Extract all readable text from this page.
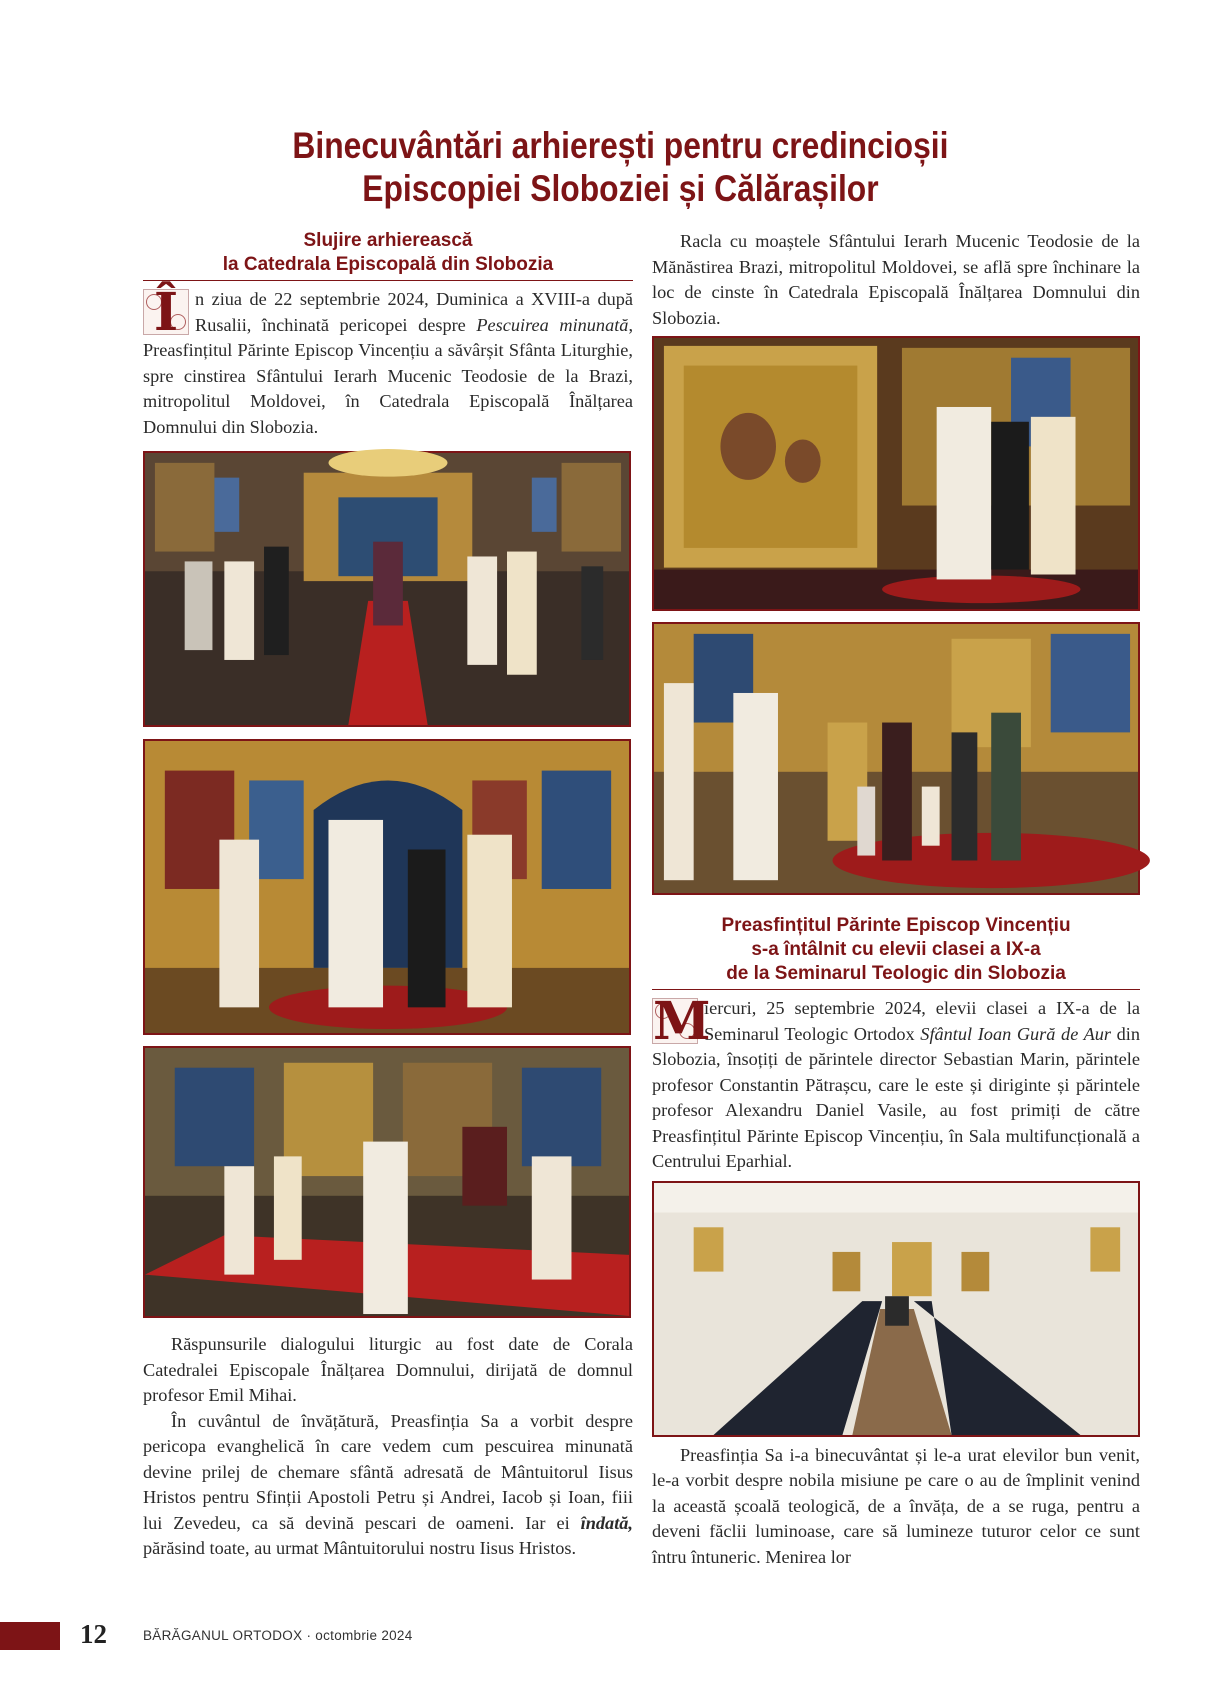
Binecuvântări arhierești pentru credincioșii
Episcopiei Sloboziei și Călărașilor
Slujire arhierească
la Catedrala Episcopală din Slobozia

În ziua de 22 septembrie 2024, Duminica a XVIII-a după Rusalii, închinată pericopei despre Pescuirea minunată, Preasfințitul Părinte Episcop Vincențiu a săvârșit Sfânta Liturghie, spre cinstirea Sfântului Ierarh Mucenic Teodosie de la Brazi, mitropolitul Moldovei, în Catedrala Episcopală Înălțarea Domnului din Slobozia.

Răspunsurile dialogului liturgic au fost date de Corala Catedralei Episcopale Înălțarea Domnului, dirijată de domnul profesor Emil Mihai.

În cuvântul de învățătură, Preasfinția Sa a vorbit despre pericopa evanghelică în care vedem cum pescuirea minunată devine prilej de chemare sfântă adresată de Mântuitorul Iisus Hristos pentru Sfinții Apostoli Petru și Andrei, Iacob și Ioan, fiii lui Zevedeu, ca să devină pescari de oameni. Iar ei îndată, părăsind toate, au urmat Mântuitorului nostru Iisus Hristos.

Racla cu moaștele Sfântului Ierarh Mucenic Teodosie de la Mănăstirea Brazi, mitropolitul Moldovei, se află spre închinare la loc de cinste în Catedrala Episcopală Înălțarea Domnului din Slobozia.

Preasfințitul Părinte Episcop Vincențiu
s-a întâlnit cu elevii clasei a IX-a
de la Seminarul Teologic din Slobozia

M
iercuri, 25 septembrie 2024, elevii clasei a IX-a de la Seminarul Teologic Ortodox Sfântul Ioan Gură de Aur din Slobozia, însoțiți de părintele director Sebastian Marin, părintele profesor Constantin Pătrașcu, care le este și diriginte și părintele profesor Alexandru Daniel Vasile, au fost primiți de către Preasfințitul Părinte Episcop Vincențiu, în Sala multifuncțională a Centrului Eparhial.

Preasfinția Sa i-a binecuvântat și le-a urat elevilor bun venit, le-a vorbit despre nobila misiune pe care o au de împlinit venind la această școală teologică, de a învăța, de a se ruga, pentru a deveni făclii luminoase, care să lumineze tuturor celor ce sunt întru întuneric. Menirea lor

12	BĂRĂGANUL ORTODOX · octombrie 2024
